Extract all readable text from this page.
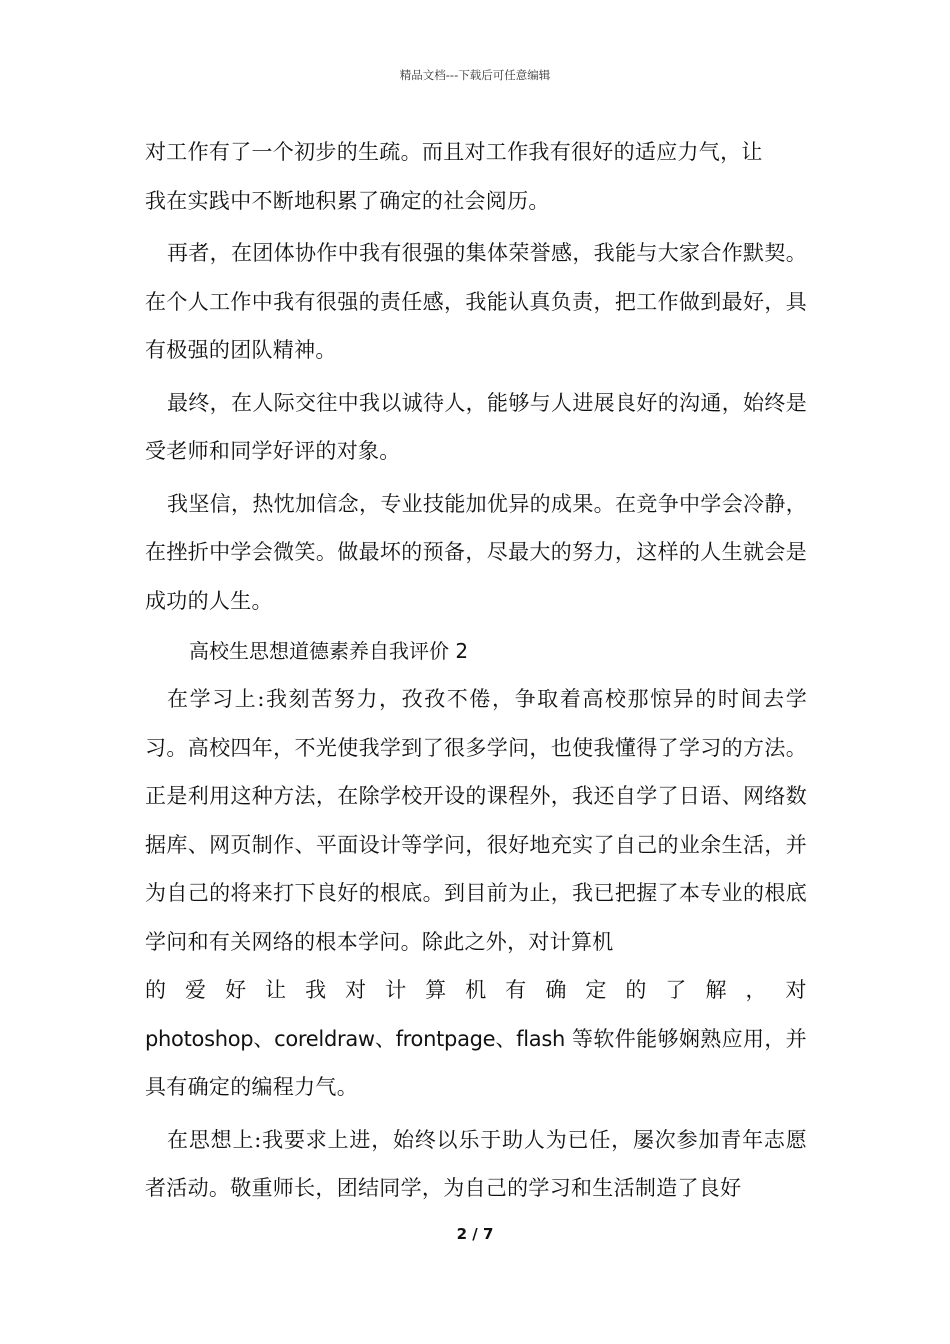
精品文档---下载后可任意编辑

对工作有了一个初步的生疏。而且对工作我有很好的适应力气，让
我在实践中不断地积累了确定的社会阅历。

再者，在团体协作中我有很强的集体荣誉感，我能与大家合作默契。在个人工作中我有很强的责任感，我能认真负责，把工作做到最好，具有极强的团队精神。

最终，在人际交往中我以诚待人，能够与人进展良好的沟通，始终是受老师和同学好评的对象。

我坚信，热忱加信念，专业技能加优异的成果。在竞争中学会冷静，在挫折中学会微笑。做最坏的预备，尽最大的努力，这样的人生就会是成功的人生。

高校生思想道德素养自我评价 2

在学习上:我刻苦努力，孜孜不倦，争取着高校那惊异的时间去学习。高校四年，不光使我学到了很多学问，也使我懂得了学习的方法。正是利用这种方法，在除学校开设的课程外，我还自学了日语、网络数据库、网页制作、平面设计等学问，很好地充实了自己的业余生活，并为自己的将来打下良好的根底。到目前为止，我已把握了本专业的根底学问和有关网络的根本学问。除此之外，对计算机

的 爱 好 让 我 对 计 算 机 有 确 定 的 了 解 ， 对

photoshop、coreldraw、frontpage、flash 等软件能够娴熟应用，并具有确定的编程力气。

在思想上:我要求上进，始终以乐于助人为已任，屡次参加青年志愿者活动。敬重师长，团结同学，为自己的学习和生活制造了良好

2 / 7
